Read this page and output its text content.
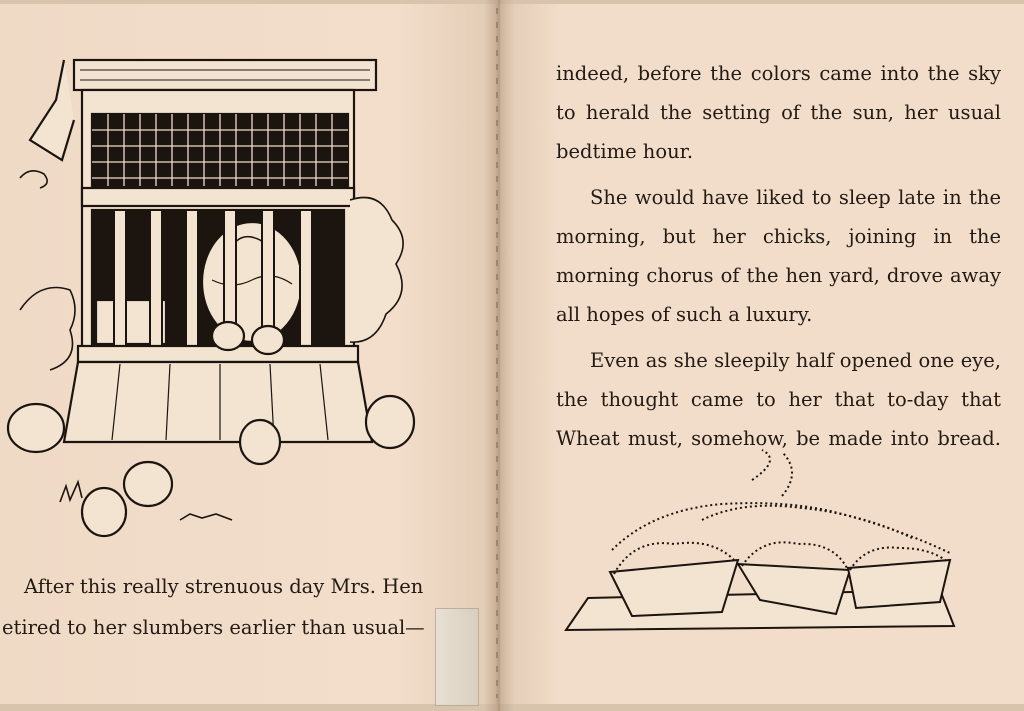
indeed, before the colors came into the sky

to herald the setting of the sun, her usual

bedtime hour.

She would have liked to sleep late in the

morning, but her chicks, joining in the

morning chorus of the hen yard, drove away

all hopes of such a luxury.

Even as she sleepily half opened one eye,

the thought came to her that to-day that

Wheat must, somehow, be made into bread.

After this really strenuous day Mrs. Hen
etired to her slumbers earlier than usual—
